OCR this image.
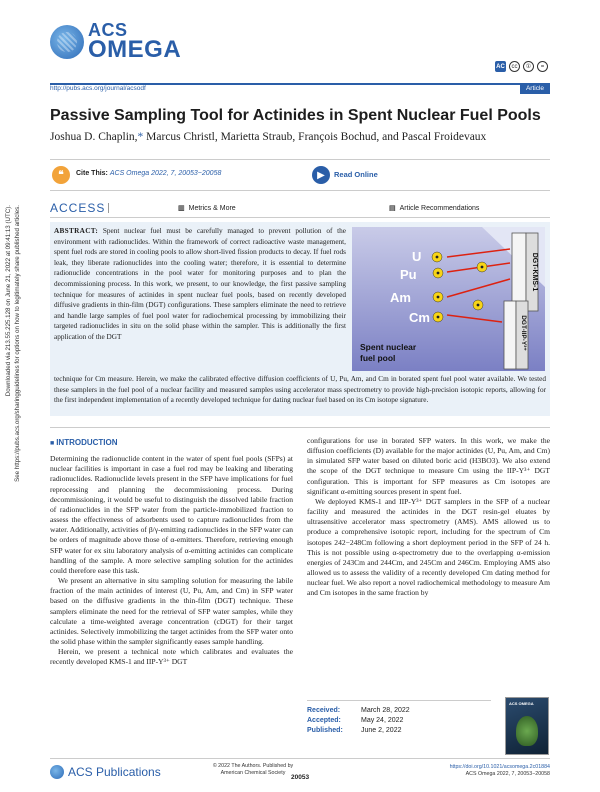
Downloaded via 213.55.225.128 on June 21, 2022 at 09:41:13 (UTC). See https://pubs.acs.org/sharingguidelines for options on how to legitimately share published articles.
ACS
OMEGA
AC	cc	①	=
http://pubs.acs.org/journal/acsodf	Article
Passive Sampling Tool for Actinides in Spent Nuclear Fuel Pools
Joshua D. Chaplin,* Marcus Christl, Marietta Straub, François Bochud, and Pascal Froidevaux
❝	Cite This: ACS Omega 2022, 7, 20053−20058	▶	Read Online
ACCESS	▥ Metrics & More	▤ Article Recommendations

ABSTRACT: Spent nuclear fuel must be carefully managed to prevent pollution of the environment with radionuclides. Within the framework of correct radioactive waste management, spent fuel rods are stored in cooling pools to allow short-lived fission products to decay. If fuel rods leak, they liberate radionuclides into the cooling water; therefore, it is essential to determine radionuclide concentrations in the pool water for monitoring purposes and to plan the decommissioning process. In this work, we present, to our knowledge, the first passive sampling technique for measures of actinides in spent nuclear fuel pools, based on recently developed diffusive gradients in thin-film (DGT) configurations. These samplers eliminate the need to retrieve and handle large samples of fuel pool water for radiochemical processing by immobilizing their targeted radionuclides in situ on the solid phase within the sampler. This is additionally the first application of the DGT

DGT-KMS-1
DGT-IIP-Y³⁺
U
Pu
Am
Cm
Spent nuclear
fuel pool

technique for Cm measure. Herein, we make the calibrated effective diffusion coefficients of U, Pu, Am, and Cm in borated spent fuel pool water available. We tested these samplers in the fuel pool of a nuclear facility and measured samples using accelerator mass spectrometry to provide high-precision isotopic reports, allowing for the first independent implementation of a recently developed technique for dating nuclear fuel based on its Cm isotope signature.

■ INTRODUCTION

Determining the radionuclide content in the water of spent fuel pools (SFPs) at nuclear facilities is important in case a fuel rod may be leaking and liberating radionuclides. Radionuclide levels present in the SFP have implications for fuel reprocessing and planning the decommissioning process. During decommissioning, it would be useful to distinguish the dissolved labile fraction of radionuclides in the SFP water from the particle-immobilized fraction to assess the effectiveness of adsorbents used to capture radionuclides from the water. Additionally, activities of β/γ-emitting radionuclides in the SFP water can be orders of magnitude above those of α-emitters. Therefore, retrieving enough SFP water for ex situ laboratory analysis of α-emitting actinides can complicate handling of the sample. A more selective sampling solution for the actinides could therefore ease this task.

We present an alternative in situ sampling solution for measuring the labile fraction of the main actinides of interest (U, Pu, Am, and Cm) in SFP water based on the diffusive gradients in the thin-film (DGT) technique. These samplers eliminate the need for the retrieval of SFP water samples, while they calculate a time-weighted average concentration (cDGT) for their target actinides. Selectively immobilizing the target actinides from the SFP water onto the solid phase within the sampler significantly eases sample handling.

Herein, we present a technical note which calibrates and evaluates the recently developed KMS-1 and IIP-Y³⁺ DGT

configurations for use in borated SFP waters. In this work, we make the diffusion coefficients (D) available for the major actinides (U, Pu, Am, and Cm) in simulated SFP water based on diluted boric acid (H3BO3). We also extend the scope of the DGT technique to measure Cm using the IIP-Y³⁺ DGT configuration. This is important for SFP measures as Cm isotopes are significant α-emitting sources present in spent fuel.

We deployed KMS-1 and IIP-Y³⁺ DGT samplers in the SFP of a nuclear facility and measured the actinides in the DGT resin-gel eluates by ultrasensitive accelerator mass spectrometry (AMS). AMS allowed us to produce a comprehensive isotopic report, including for the spectrum of Cm isotopes 242−248Cm following a short deployment period in the SFP of 24 h. This is not possible using α-spectrometry due to the overlapping α-emission energies of 243Cm and 244Cm, and 245Cm and 246Cm. Employing AMS also allowed us to assess the validity of a recently developed Cm dating method for nuclear fuel. We also report a novel radiochemical methodology to measure Am and Cm isotopes in the same fraction by

Received:	March 28, 2022
Accepted:	May 24, 2022
Published:	June 2, 2022
ACS OMEGA
ACS Publications	© 2022 The Authors. Published by
American Chemical Society
20053
https://doi.org/10.1021/acsomega.2c01884
ACS Omega 2022, 7, 20053−20058
